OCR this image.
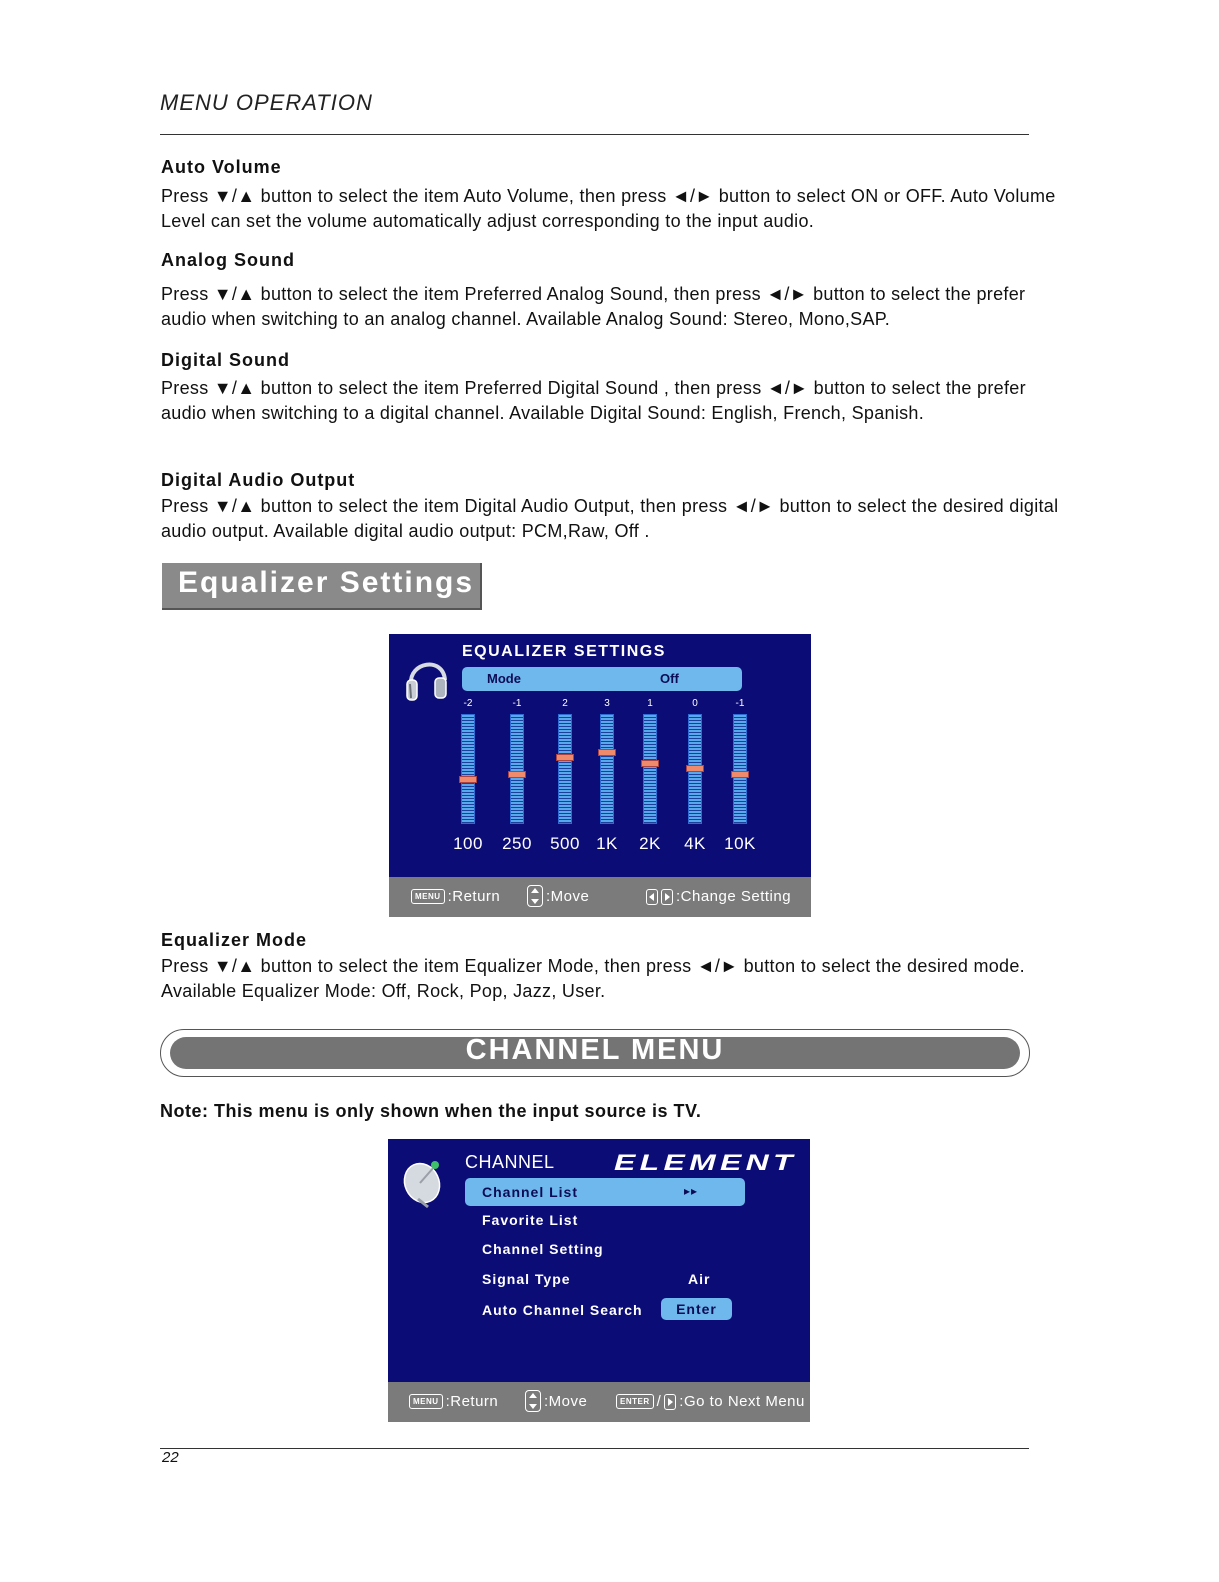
MENU OPERATION
Auto Volume

Press ▼/▲ button to select the item Auto Volume, then press ◄/► button to select ON or OFF. Auto Volume Level can set the volume automatically adjust corresponding to the input audio.

Analog Sound

Press ▼/▲ button to select the item Preferred Analog Sound, then press ◄/► button to select the prefer audio when switching to an analog channel. Available Analog Sound: Stereo, Mono,SAP.

Digital Sound

Press ▼/▲ button to select the item Preferred Digital Sound , then press ◄/► button to select the prefer audio when switching to a digital channel. Available Digital Sound: English, French, Spanish.

Digital Audio Output

Press ▼/▲ button to select the item Digital Audio Output, then press ◄/► button to select the desired digital audio output. Available digital audio output: PCM,Raw, Off .

Equalizer Settings
EQUALIZER SETTINGS
Mode	Off
-2
100
-1
250
2
500
3
1K
1
2K
0
4K
-1
10K
MENU :Return	:Move	:Change Setting
Equalizer Mode

Press ▼/▲ button to select the item Equalizer Mode, then press ◄/► button to select the desired mode. Available Equalizer Mode: Off, Rock, Pop, Jazz, User.

CHANNEL MENU
Note: This menu is only shown when the input source is TV.
CHANNEL	ELEMENT
Channel List	▸▸
Favorite List
Channel Setting
Signal Type	Air
Auto Channel Search	Enter
MENU :Return	:Move	ENTER / :Go to Next Menu
22
